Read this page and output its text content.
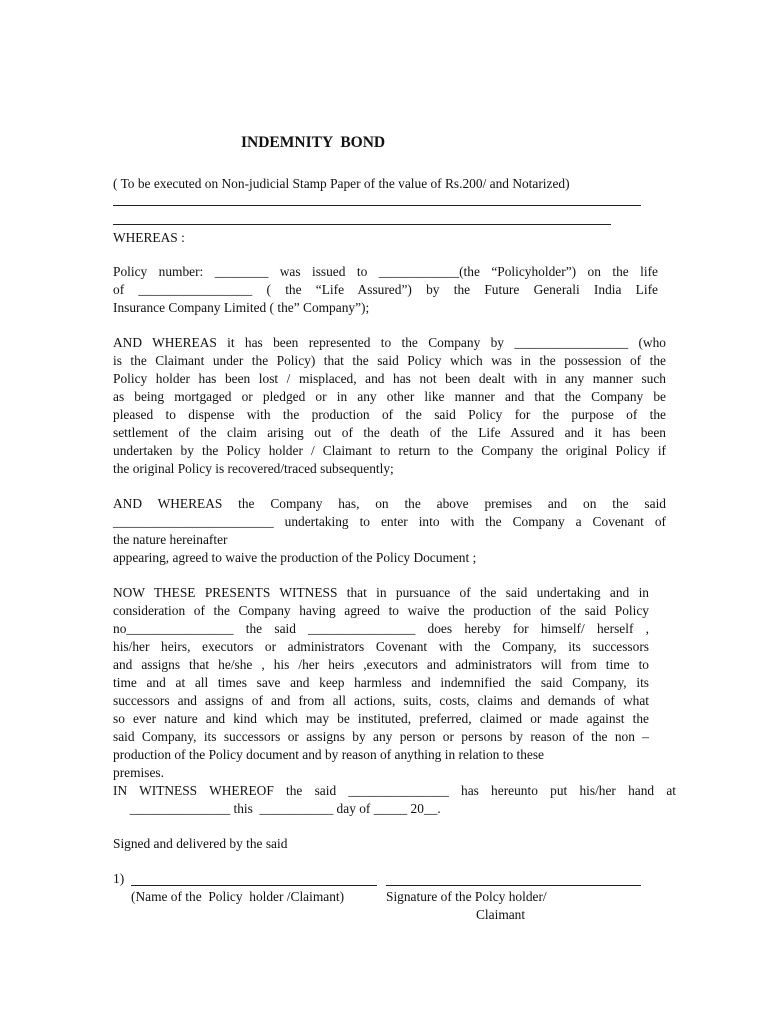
INDEMNITY  BOND
( To be executed on Non-judicial Stamp Paper of the value of Rs.200/ and Notarized)
WHEREAS :
Policy number: ________ was issued to ____________(the “Policyholder”) on the life
of _________________ ( the “Life Assured”) by the Future Generali India Life
Insurance Company Limited ( the” Company”);
AND WHEREAS it has been represented to the Company by _________________ (who
is the Claimant under the Policy) that the said Policy which was in the possession of the
Policy holder has been lost / misplaced, and has not been dealt with in any manner such
as being mortgaged or pledged or in any other like manner and that the Company be
pleased to dispense with the production of the said Policy for the purpose of the
settlement of the claim arising out of the death of the Life Assured and it has been
undertaken by the Policy holder / Claimant to return to the Company the original Policy if
the original Policy is recovered/traced subsequently;
AND WHEREAS the Company has, on the above premises and on the said
________________________ undertaking to enter into with the Company a Covenant of
the nature hereinafter
appearing, agreed to waive the production of the Policy Document ;
NOW THESE PRESENTS WITNESS that in pursuance of the said undertaking and in
consideration of the Company having agreed to waive the production of the said Policy
no________________ the said ________________ does hereby for himself/ herself ,
his/her heirs, executors or administrators Covenant with the Company, its successors
and assigns that he/she , his /her heirs ,executors and administrators will from time to
time and at all times save and keep harmless and indemnified the said Company, its
successors and assigns of and from all actions, suits, costs, claims and demands of what
so ever nature and kind which may be instituted, preferred, claimed or made against the
said Company, its successors or assigns by any person or persons by reason of the non –
production of the Policy document and by reason of anything in relation to these
premises.
IN WITNESS WHEREOF the said _______________ has hereunto put his/her hand at
_______________ this  ___________ day of _____ 20__.
Signed and delivered by the said
1)
(Name of the  Policy  holder /Claimant)	Signature of the Polcy holder/
Claimant
